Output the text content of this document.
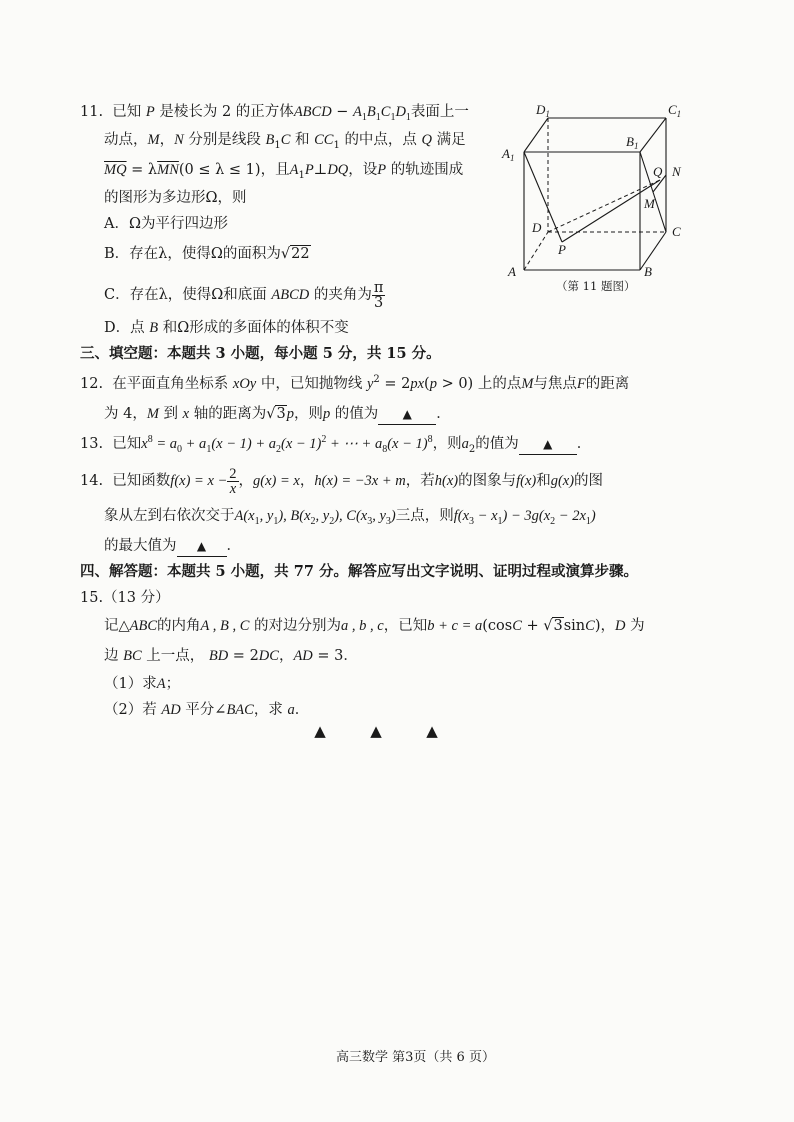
11. 已知 P 是棱长为 2 的正方体ABCD − $A_1B_1C_1D_1$表面上一
动点，M，N 分别是线段 $B_1C$ 和 $CC_1$ 的中点，点 Q 满足
$\overline{MQ} = \lambda\overline{MN}(0 \le \lambda \le 1)$，且$A_1P\perp DQ$，设P 的轨迹围成
的图形为多边形Ω，则
A．Ω为平行四边形
B．存在λ，使得Ω的面积为√22
C．存在λ，使得Ω和底面 ABCD 的夹角为 $\frac{\pi}{3}$
D．点 B 和Ω形成的多面体的体积不变
$D_1$	$C_1$
$A_1$
$B_1$
Q N
M
D	C
P
A	B
（第 11 题图）
三、填空题：本题共 3 小题，每小题 5 分，共 15 分。
12. 在平面直角坐标系 xOy 中，已知抛物线 $y^2 = 2px(p > 0)$ 上的点M与焦点F的距离
为 4，M 到 x 轴的距离为√3p，则p 的值为 ▲ ．
13. 已知$x^8 = a_0 + a_1(x - 1) + a_2(x - 1)^2$ + ⋯ + $a_8(x - 1)^8$，则$a_2$的值为 ▲ ．
14. 已知函数$f(x) = x - \frac{2}{x}$ ，g(x) = x，h(x) = −3x + m，若h(x)的图象与f(x)和g(x)的图
象从左到右依次交于$A(x_1$, $y_1$), $B(x_2$, $y_2$), $C(x_3$, $y_3$)三点，则$f(x_3 - x_1) - 3g(x_2 - 2x_1)$
的最大值为 ▲ ．
四、解答题：本题共 5 小题，共 77 分。解答应写出文字说明、证明过程或演算步骤。
15.（13 分）
记△ABC的内角A , B , C 的对边分别为a , b , c，已知b + c = a(cosC + √3sinC)，D 为
边 BC 上一点， BD = 2DC，AD = 3．
（1）求A；
（2）若 AD 平分∠BAC，求 a．
▲	▲	▲
高三数学 第3页（共 6 页）
